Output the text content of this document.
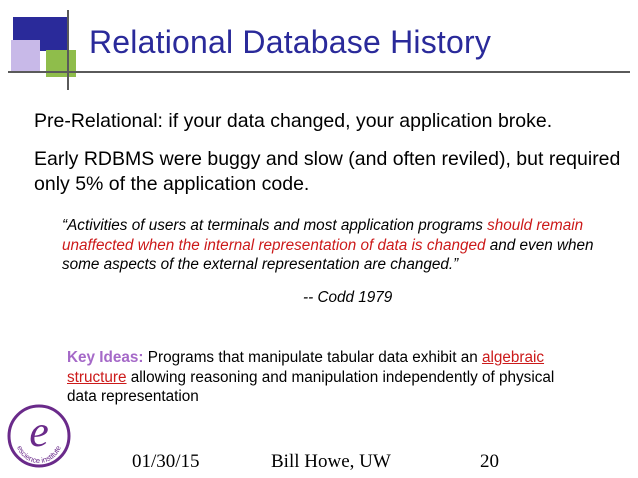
Relational Database History
Pre-Relational: if your data changed, your application broke.
Early RDBMS were buggy and slow (and often reviled), but required only 5% of the application code.
“Activities of users at terminals and most application programs should remain unaffected when the internal representation of data is changed and even when some aspects of the external representation are changed.”
-- Codd 1979
Key Ideas: Programs that manipulate tabular data exhibit an algebraic structure allowing reasoning and manipulation independently of physical data representation
e
escience institute
01/30/15	Bill Howe, UW	20
